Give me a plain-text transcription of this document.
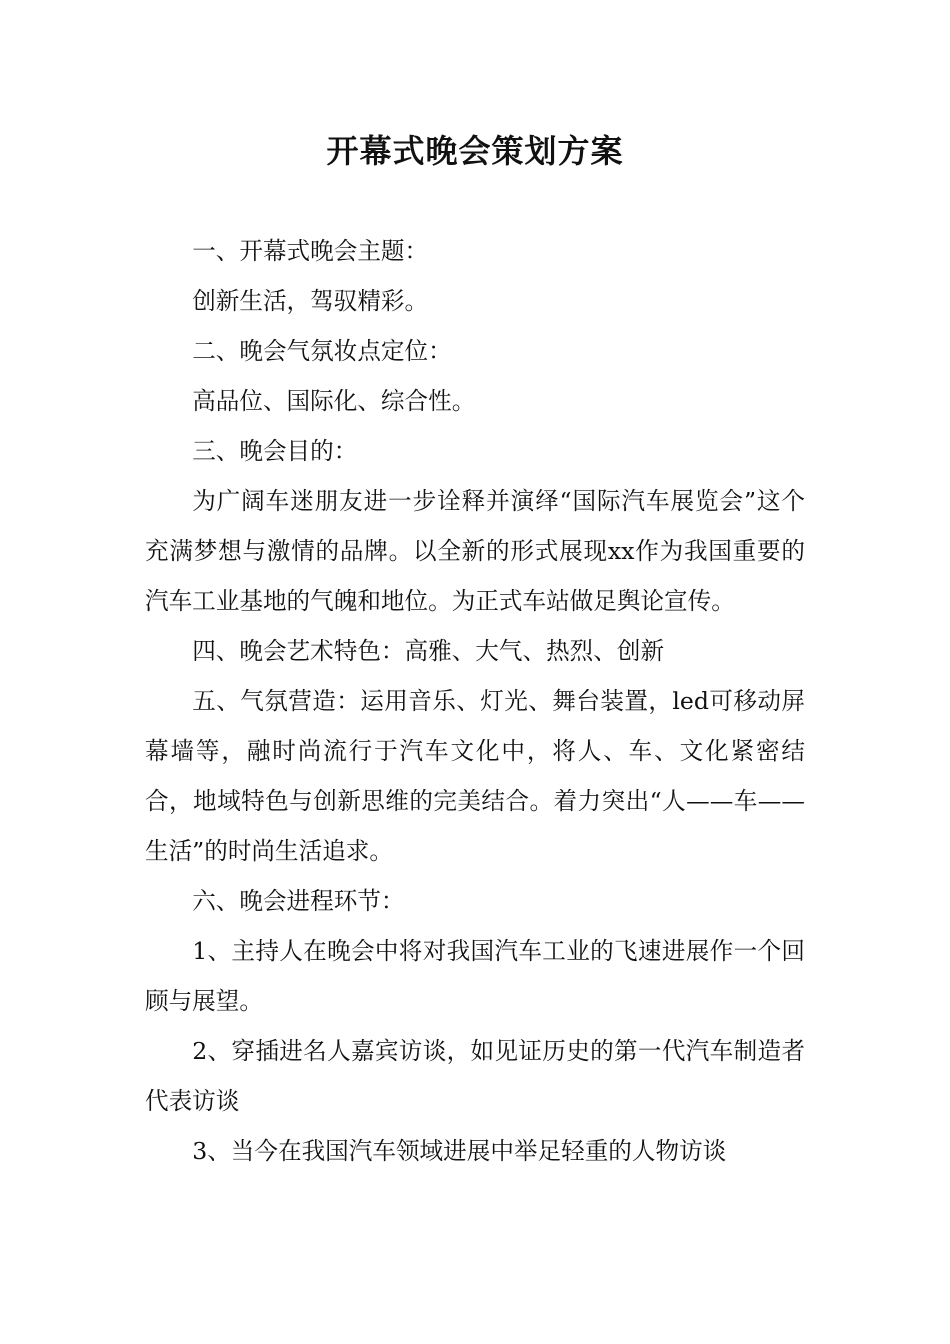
开幕式晚会策划方案

一、开幕式晚会主题：

创新生活，驾驭精彩。

二、晚会气氛妆点定位：

高品位、国际化、综合性。

三、晚会目的：

为广阔车迷朋友进一步诠释并演绎“国际汽车展览会”这个充满梦想与激情的品牌。以全新的形式展现xx作为我国重要的汽车工业基地的气魄和地位。为正式车站做足舆论宣传。

四、晚会艺术特色：高雅、大气、热烈、创新

五、气氛营造：运用音乐、灯光、舞台装置，led可移动屏幕墙等，融时尚流行于汽车文化中，将人、车、文化紧密结合，地域特色与创新思维的完美结合。着力突出“人——车——生活”的时尚生活追求。

六、晚会进程环节：

1、主持人在晚会中将对我国汽车工业的飞速进展作一个回顾与展望。

2、穿插进名人嘉宾访谈，如见证历史的第一代汽车制造者代表访谈

3、当今在我国汽车领域进展中举足轻重的人物访谈
